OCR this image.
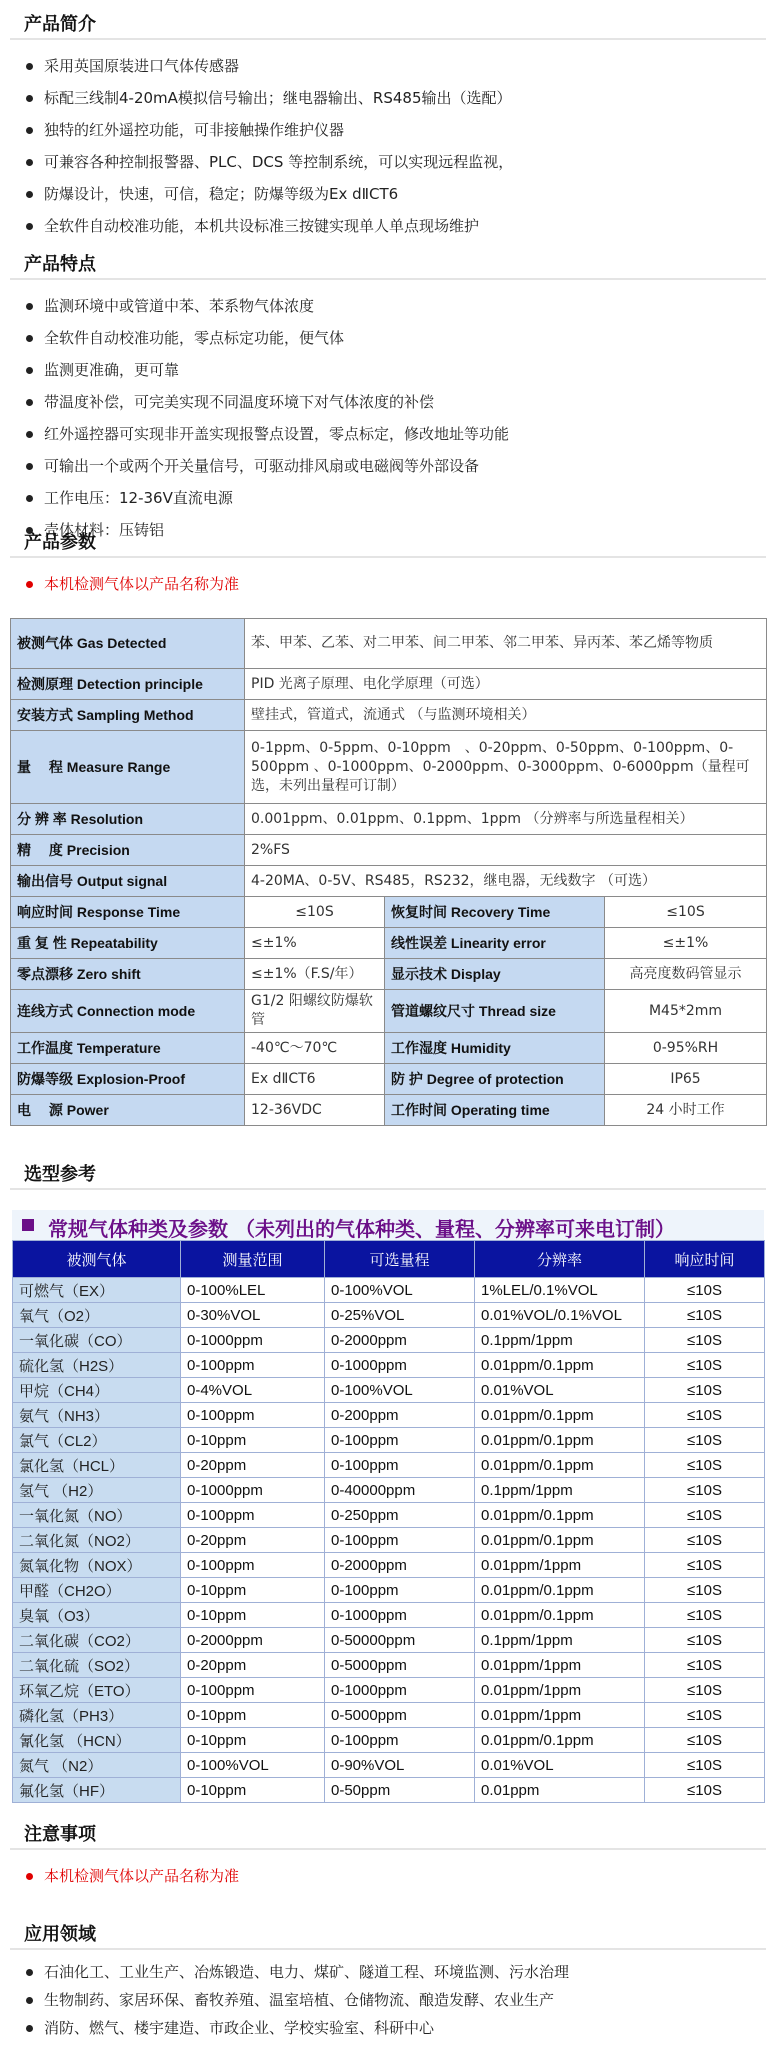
产品简介
采用英国原装进口气体传感器
标配三线制4-20mA模拟信号输出；继电器输出、RS485输出（选配）
独特的红外遥控功能，可非接触操作维护仪器
可兼容各种控制报警器、PLC、DCS 等控制系统，可以实现远程监视，
防爆设计，快速，可信，稳定；防爆等级为Ex dⅡCT6
全软件自动校准功能，本机共设标准三按键实现单人单点现场维护
产品特点
监测环境中或管道中苯、苯系物气体浓度
全软件自动校准功能，零点标定功能，便气体
监测更准确，更可靠
带温度补偿，可完美实现不同温度环境下对气体浓度的补偿
红外遥控器可实现非开盖实现报警点设置，零点标定，修改地址等功能
可输出一个或两个开关量信号，可驱动排风扇或电磁阀等外部设备
工作电压：12-36V直流电源
壳体材料：压铸铝
产品参数
本机检测气体以产品名称为准
被测气体 Gas Detected	苯、甲苯、乙苯、对二甲苯、间二甲苯、邻二甲苯、异丙苯、苯乙烯等物质		
检测原理 Detection principle	PID 光离子原理、电化学原理（可选）		
安装方式 Sampling Method	壁挂式，管道式，流通式 （与监测环境相关）		
量　 程 Measure Range	0-1ppm、0-5ppm、0-10ppm　、0-20ppm、0-50ppm、0-100ppm、0-500ppm 、0-1000ppm、0-2000ppm、0-3000ppm、0-6000ppm（量程可选，未列出量程可订制）		
分 辨 率 Resolution	0.001ppm、0.01ppm、0.1ppm、1ppm （分辨率与所选量程相关）		
精　 度 Precision	2%FS		
输出信号 Output signal	4-20MA、0-5V、RS485，RS232，继电器，无线数字 （可选）		
响应时间 Response Time	≤10S	恢复时间 Recovery Time	≤10S
重 复 性 Repeatability	≤±1%	线性误差 Linearity error	≤±1%
零点漂移 Zero shift	≤±1%（F.S/年）	显示技术 Display	高亮度数码管显示
连线方式 Connection mode	G1/2 阳螺纹防爆软管	管道螺纹尺寸 Thread size	M45*2mm
工作温度 Temperature	-40℃～70℃	工作湿度 Humidity	0-95%RH
防爆等级 Explosion-Proof	Ex dⅡCT6	防 护 Degree of protection	IP65
电　 源 Power	12-36VDC	工作时间 Operating time	24 小时工作
选型参考
常规气体种类及参数 （未列出的气体种类、量程、分辨率可来电订制）
被测气体	测量范围	可选量程	分辨率	响应时间
可燃气（EX）	0-100%LEL	0-100%VOL	1%LEL/0.1%VOL	≤10S
氧气（O2）	0-30%VOL	0-25%VOL	0.01%VOL/0.1%VOL	≤10S
一氧化碳（CO）	0-1000ppm	0-2000ppm	0.1ppm/1ppm	≤10S
硫化氢（H2S）	0-100ppm	0-1000ppm	0.01ppm/0.1ppm	≤10S
甲烷（CH4）	0-4%VOL	0-100%VOL	0.01%VOL	≤10S
氨气（NH3）	0-100ppm	0-200ppm	0.01ppm/0.1ppm	≤10S
氯气（CL2）	0-10ppm	0-100ppm	0.01ppm/0.1ppm	≤10S
氯化氢（HCL）	0-20ppm	0-100ppm	0.01ppm/0.1ppm	≤10S
氢气 （H2）	0-1000ppm	0-40000ppm	0.1ppm/1ppm	≤10S
一氧化氮（NO）	0-100ppm	0-250ppm	0.01ppm/0.1ppm	≤10S
二氧化氮（NO2）	0-20ppm	0-100ppm	0.01ppm/0.1ppm	≤10S
氮氧化物（NOX）	0-100ppm	0-2000ppm	0.01ppm/1ppm	≤10S
甲醛（CH2O）	0-10ppm	0-100ppm	0.01ppm/0.1ppm	≤10S
臭氧（O3）	0-10ppm	0-1000ppm	0.01ppm/0.1ppm	≤10S
二氧化碳（CO2）	0-2000ppm	0-50000ppm	0.1ppm/1ppm	≤10S
二氧化硫（SO2）	0-20ppm	0-5000ppm	0.01ppm/1ppm	≤10S
环氧乙烷（ETO）	0-100ppm	0-1000ppm	0.01ppm/1ppm	≤10S
磷化氢（PH3）	0-10ppm	0-5000ppm	0.01ppm/1ppm	≤10S
氰化氢 （HCN）	0-10ppm	0-100ppm	0.01ppm/0.1ppm	≤10S
氮气 （N2）	0-100%VOL	0-90%VOL	0.01%VOL	≤10S
氟化氢（HF）	0-10ppm	0-50ppm	0.01ppm	≤10S
注意事项
本机检测气体以产品名称为准
应用领域
石油化工、工业生产、冶炼锻造、电力、煤矿、隧道工程、环境监测、污水治理
生物制药、家居环保、畜牧养殖、温室培植、仓储物流、酿造发酵、农业生产
消防、燃气、楼宇建造、市政企业、学校实验室、科研中心
